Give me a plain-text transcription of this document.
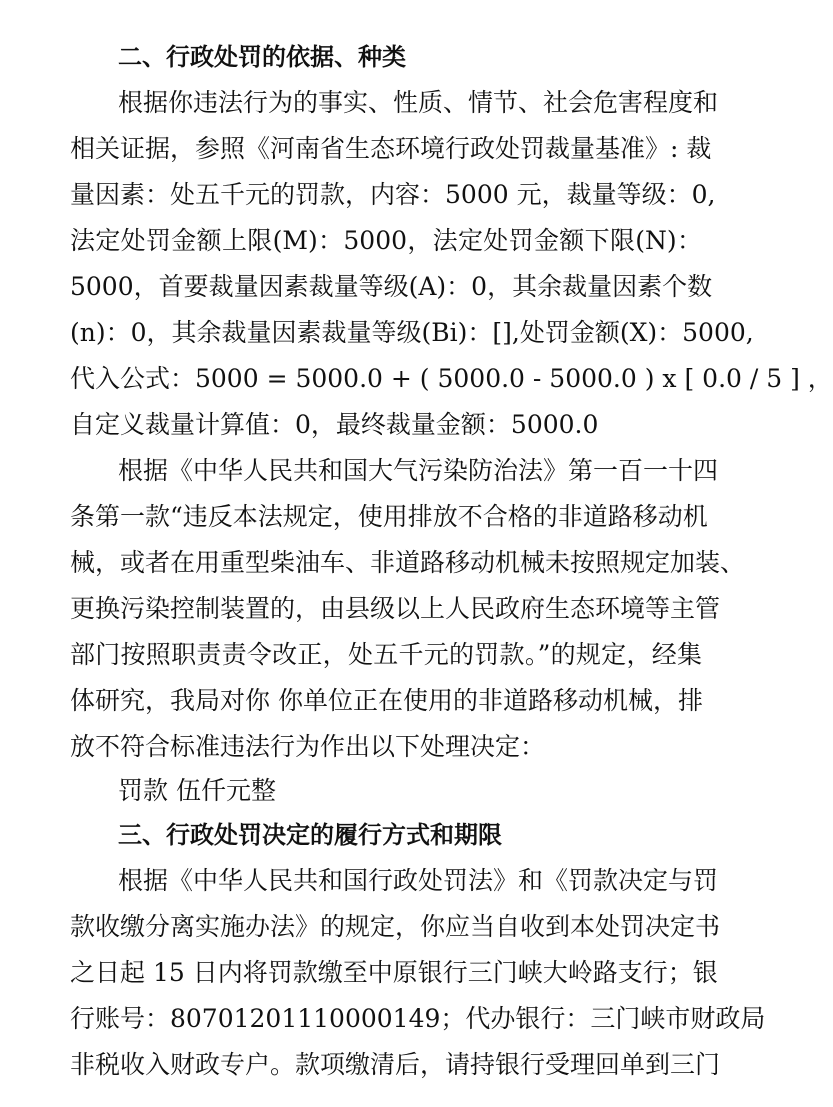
二、行政处罚的依据、种类
根据你违法行为的事实、性质、情节、社会危害程度和
相关证据，参照《河南省生态环境行政处罚裁量基准》: 裁
量因素：处五千元的罚款，内容：5000 元，裁量等级：0,
法定处罚金额上限(M)：5000，法定处罚金额下限(N)：
5000，首要裁量因素裁量等级(A)：0，其余裁量因素个数
(n)：0，其余裁量因素裁量等级(Bi)：[],处罚金额(X)：5000,
代入公式：5000 = 5000.0 + ( 5000.0 - 5000.0 ) x [ 0.0 / 5 ] ，
自定义裁量计算值：0，最终裁量金额：5000.0
根据《中华人民共和国大气污染防治法》第一百一十四
条第一款“违反本法规定，使用排放不合格的非道路移动机
械，或者在用重型柴油车、非道路移动机械未按照规定加装、
更换污染控制装置的，由县级以上人民政府生态环境等主管
部门按照职责责令改正，处五千元的罚款。”的规定，经集
体研究，我局对你 你单位正在使用的非道路移动机械，排
放不符合标准违法行为作出以下处理决定：
罚款 伍仟元整
三、行政处罚决定的履行方式和期限
根据《中华人民共和国行政处罚法》和《罚款决定与罚
款收缴分离实施办法》的规定，你应当自收到本处罚决定书
之日起 15 日内将罚款缴至中原银行三门峡大岭路支行；银
行账号：80701201110000149；代办银行：三门峡市财政局
非税收入财政专户。款项缴清后，请持银行受理回单到三门
